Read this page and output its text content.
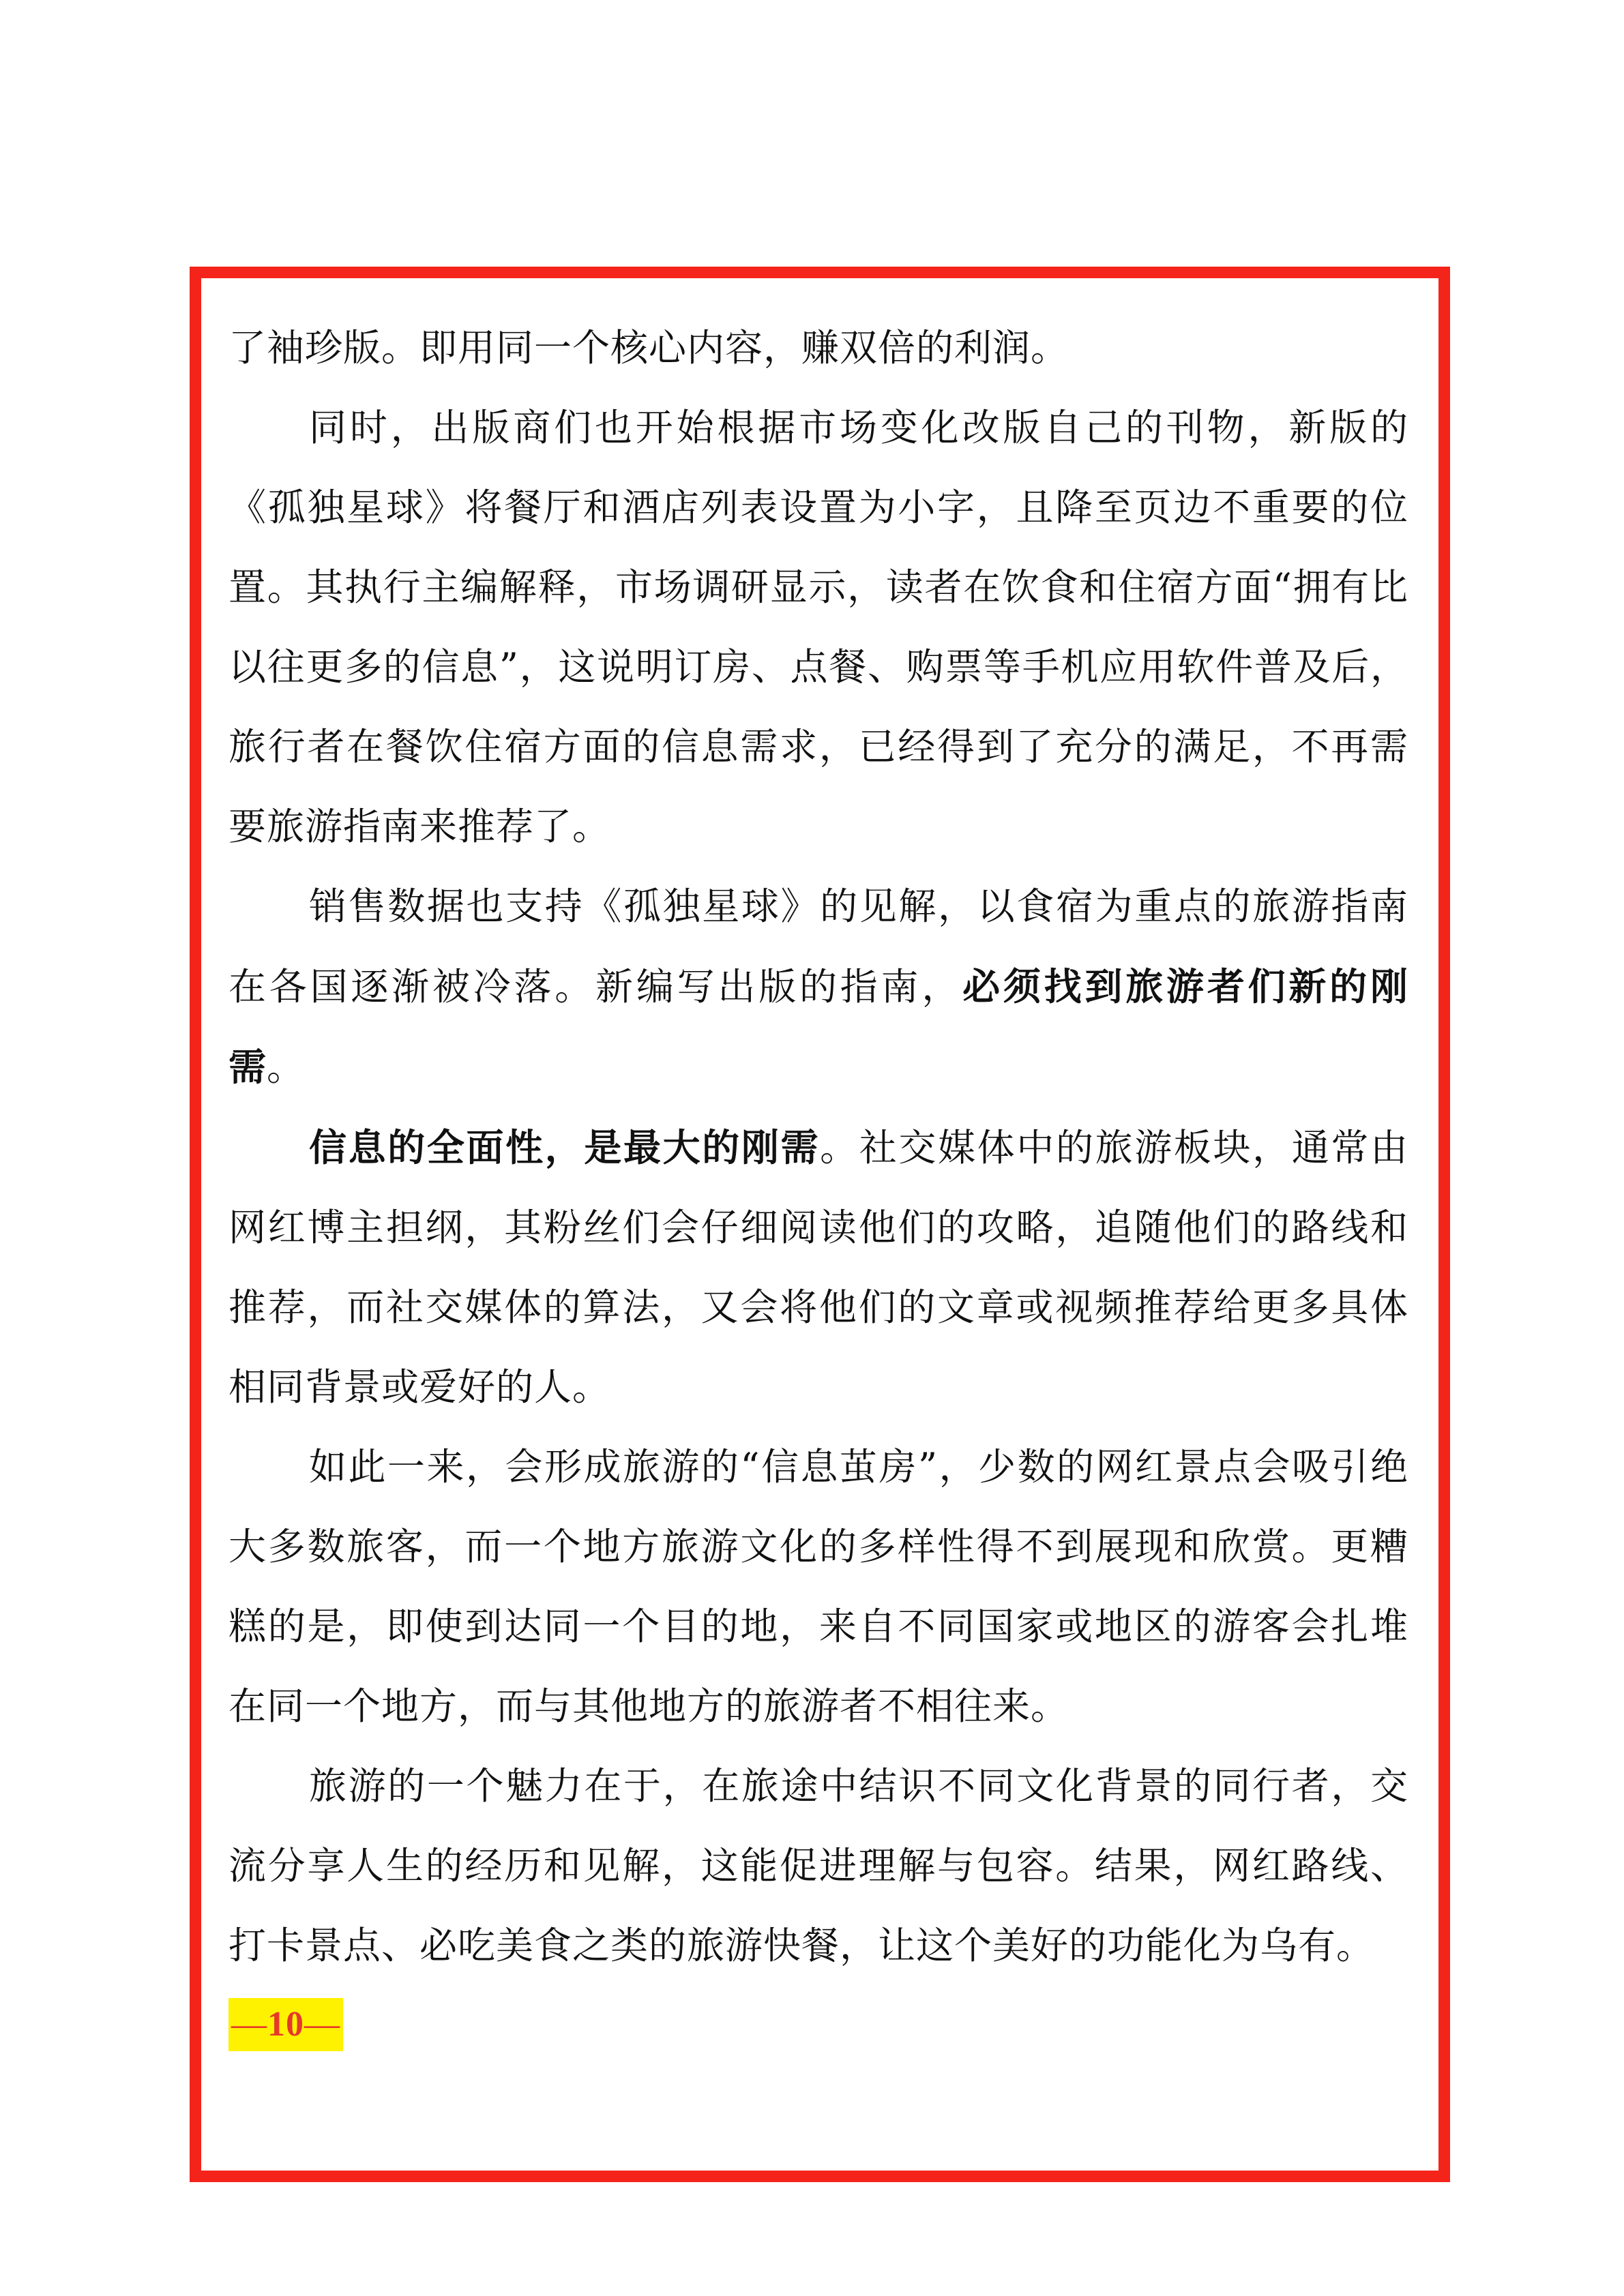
了袖珍版。即用同一个核心内容，赚双倍的利润。

同时，出版商们也开始根据市场变化改版自己的刊物，新版的《孤独星球》将餐厅和酒店列表设置为小字，且降至页边不重要的位置。其执行主编解释，市场调研显示，读者在饮食和住宿方面“拥有比以往更多的信息”，这说明订房、点餐、购票等手机应用软件普及后，旅行者在餐饮住宿方面的信息需求，已经得到了充分的满足，不再需要旅游指南来推荐了。

销售数据也支持《孤独星球》的见解，以食宿为重点的旅游指南在各国逐渐被冷落。新编写出版的指南，必须找到旅游者们新的刚需。

信息的全面性，是最大的刚需。社交媒体中的旅游板块，通常由网红博主担纲，其粉丝们会仔细阅读他们的攻略，追随他们的路线和推荐，而社交媒体的算法，又会将他们的文章或视频推荐给更多具体相同背景或爱好的人。

如此一来，会形成旅游的“信息茧房”，少数的网红景点会吸引绝大多数旅客，而一个地方旅游文化的多样性得不到展现和欣赏。更糟糕的是，即使到达同一个目的地，来自不同国家或地区的游客会扎堆在同一个地方，而与其他地方的旅游者不相往来。

旅游的一个魅力在于，在旅途中结识不同文化背景的同行者，交流分享人生的经历和见解，这能促进理解与包容。结果，网红路线、打卡景点、必吃美食之类的旅游快餐，让这个美好的功能化为乌有。

—10—
